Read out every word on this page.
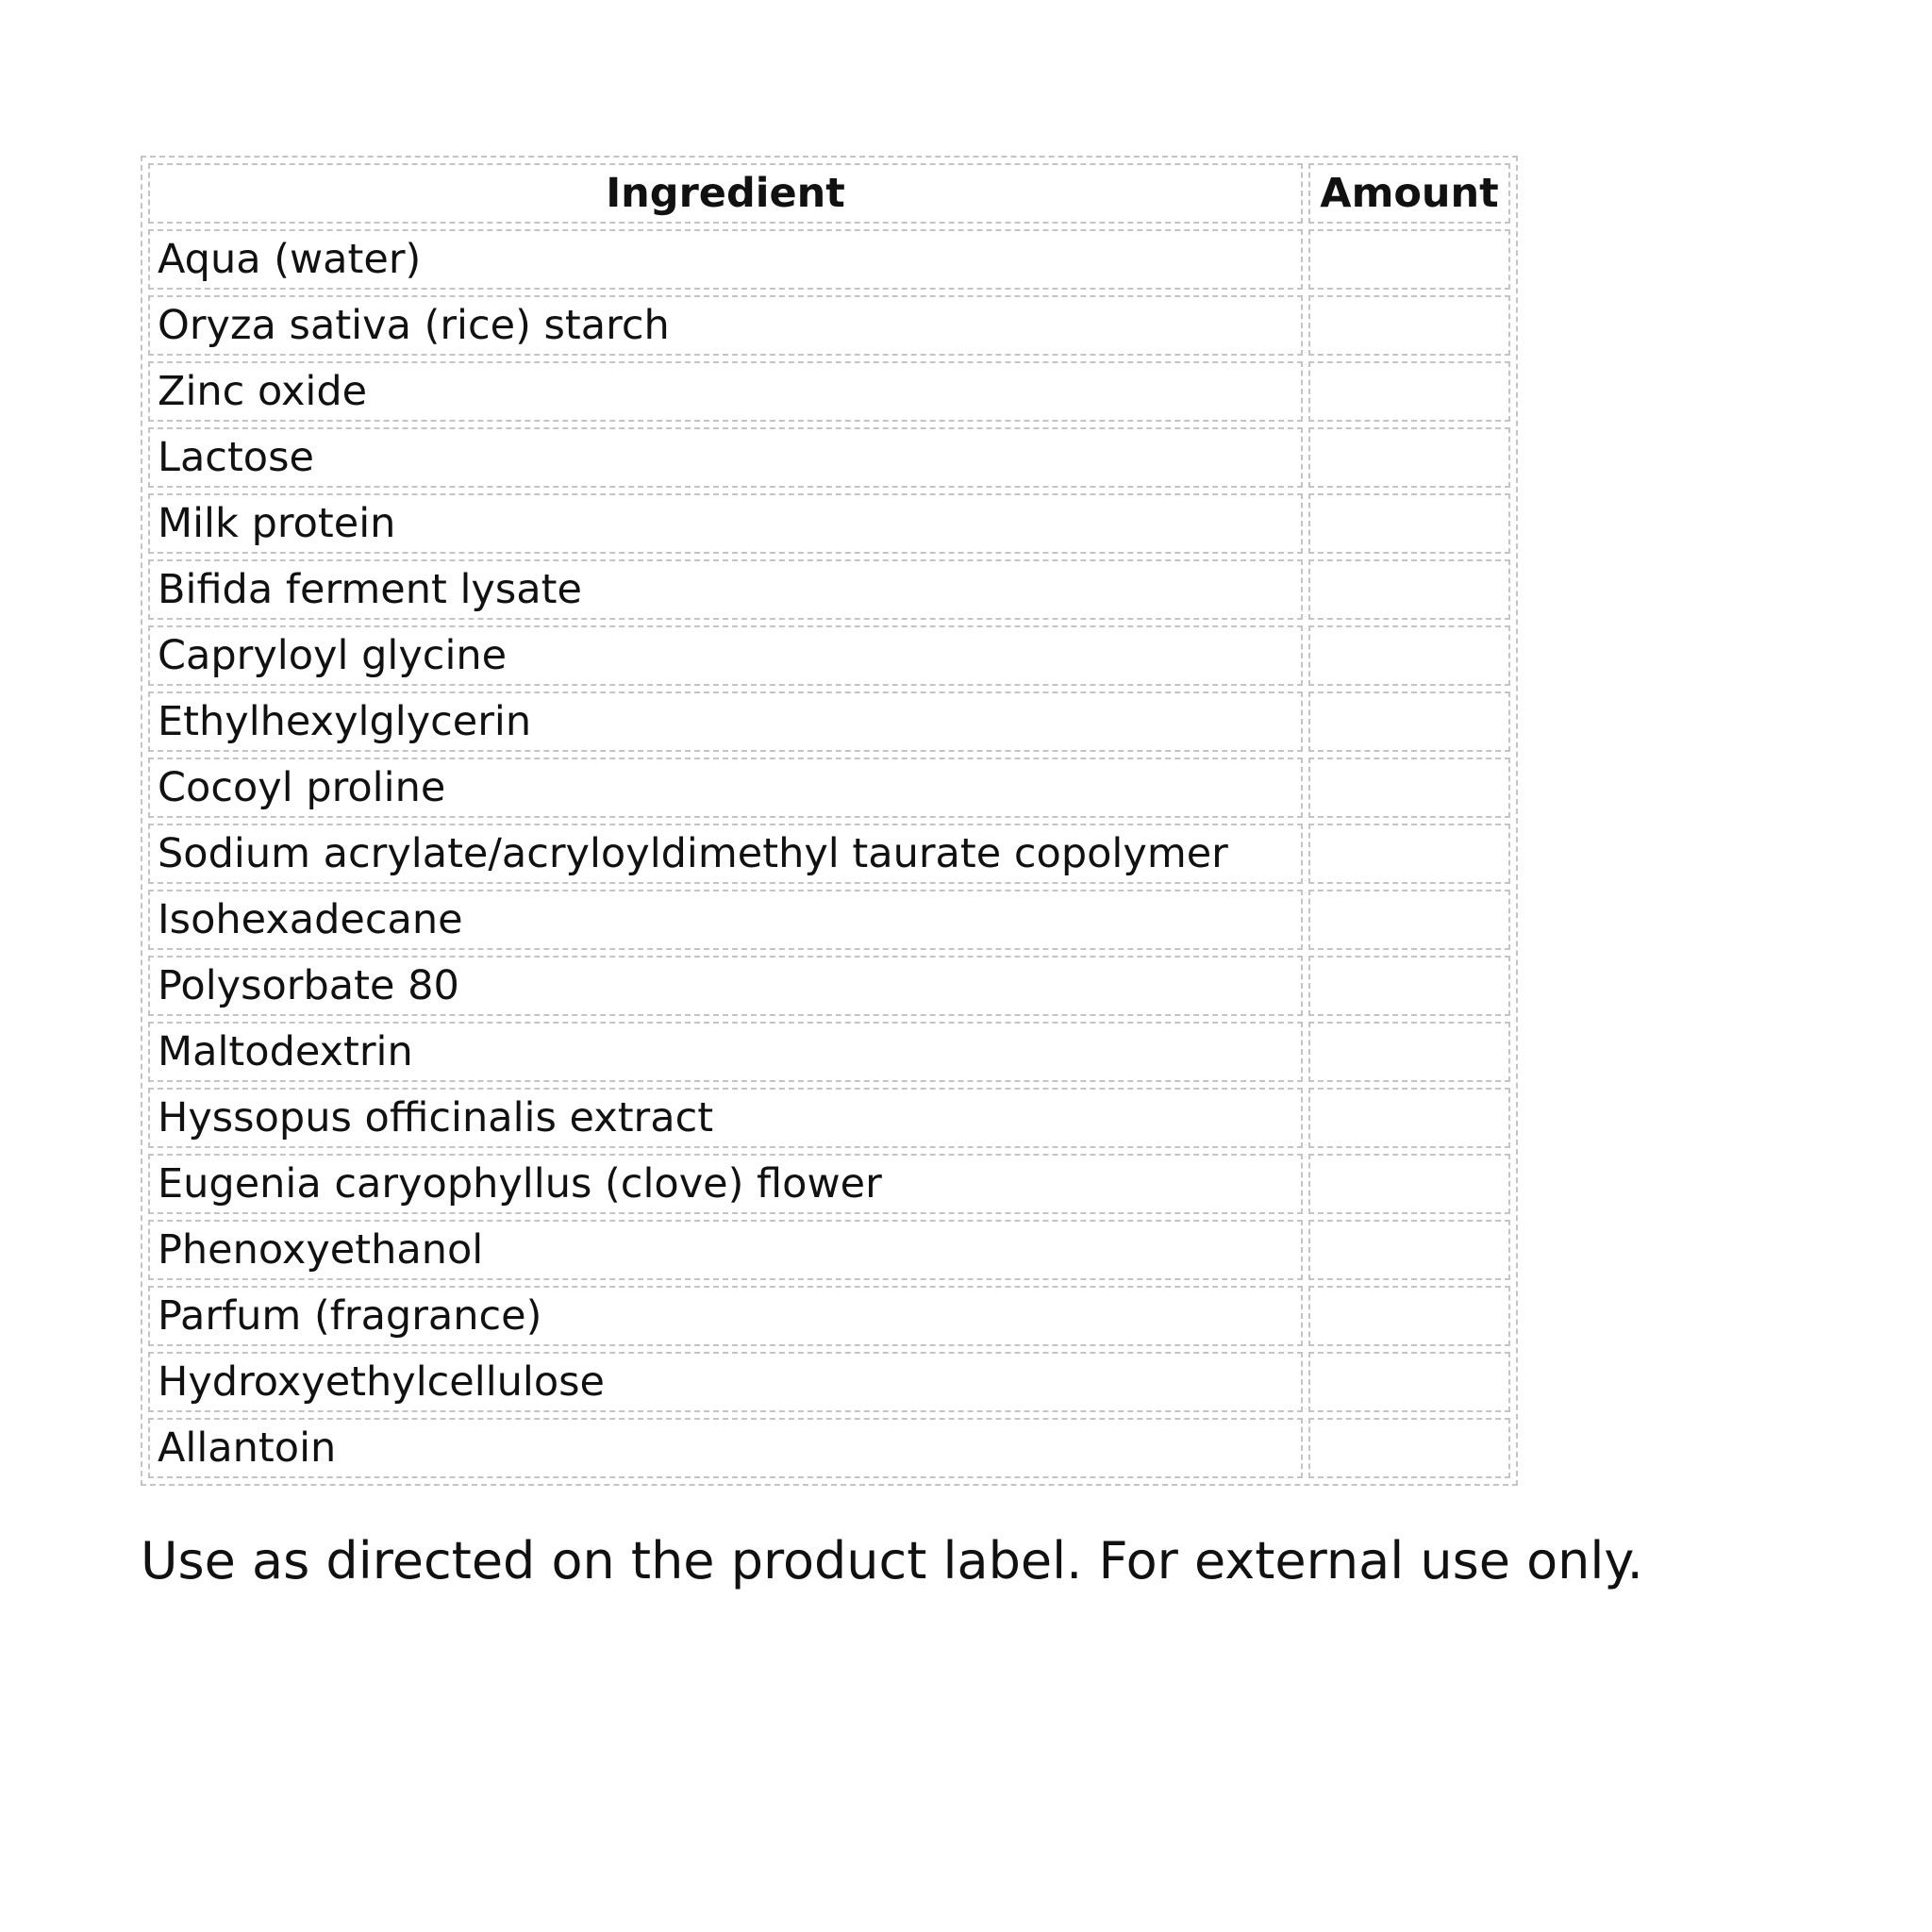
Ingredient	Amount
Aqua (water)	
Oryza sativa (rice) starch	
Zinc oxide	
Lactose	
Milk protein	
Bifida ferment lysate	
Capryloyl glycine	
Ethylhexylglycerin	
Cocoyl proline	
Sodium acrylate/acryloyldimethyl taurate copolymer	
Isohexadecane	
Polysorbate 80	
Maltodextrin	
Hyssopus officinalis extract	
Eugenia caryophyllus (clove) flower	
Phenoxyethanol	
Parfum (fragrance)	
Hydroxyethylcellulose	
Allantoin	
Use as directed on the product label. For external use only.
